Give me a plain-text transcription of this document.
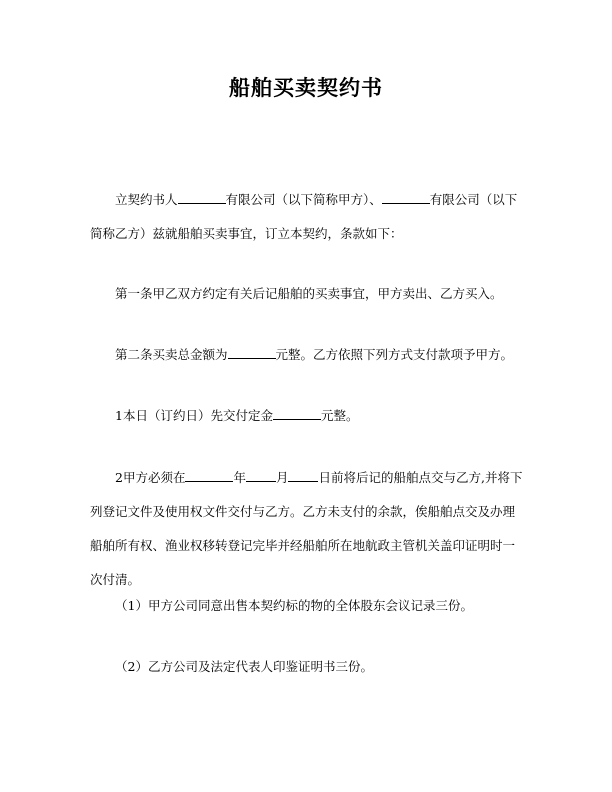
船舶买卖契约书

立契约书人	有限公司（以下简称甲方）、	有限公司（以下简称乙方）兹就船舶买卖事宜，订立本契约，条款如下：

第一条甲乙双方约定有关后记船舶的买卖事宜，甲方卖出、乙方买入。

第二条买卖总金额为	元整。乙方依照下列方式支付款项予甲方。

1本日（订约日）先交付定金	元整。

2甲方必须在	年 月 日前将后记的船舶点交与乙方,并将下列登记文件及使用权文件交付与乙方。乙方未支付的余款，俟船舶点交及办理船舶所有权、渔业权移转登记完毕并经船舶所在地航政主管机关盖印证明时一次付清。

（1）甲方公司同意出售本契约标的物的全体股东会议记录三份。

（2）乙方公司及法定代表人印鉴证明书三份。
